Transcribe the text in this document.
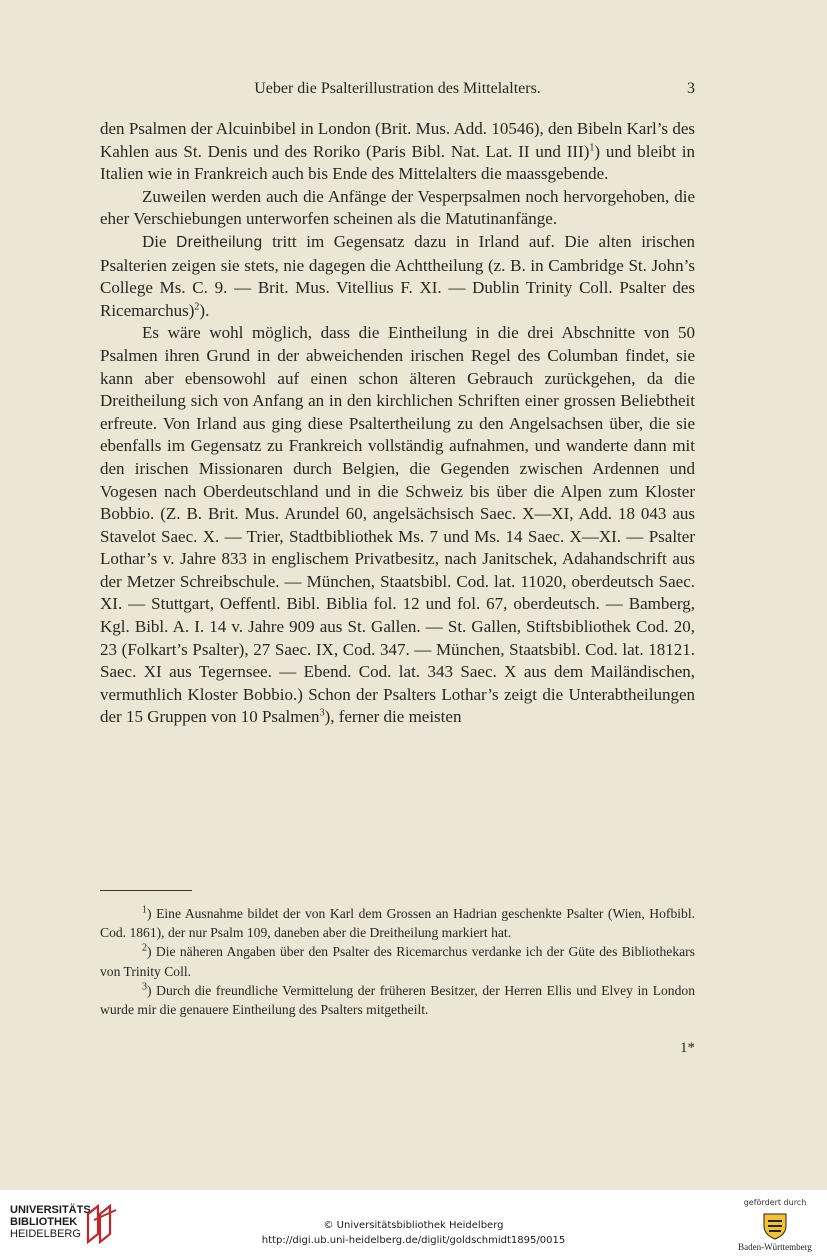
Ueber die Psalterillustration des Mittelalters.	3

den Psalmen der Alcuinbibel in London (Brit. Mus. Add. 10546), den Bibeln Karl’s des Kahlen aus St. Denis und des Roriko (Paris Bibl. Nat. Lat. II und III)$^1$) und bleibt in Italien wie in Frankreich auch bis Ende des Mittelalters die maassgebende.

Zuweilen werden auch die Anfänge der Vesperpsalmen noch hervorgehoben, die eher Verschiebungen unterworfen scheinen als die Matutinanfänge.

Die Dreitheilung tritt im Gegensatz dazu in Irland auf. Die alten irischen Psalterien zeigen sie stets, nie dagegen die Achttheilung (z. B. in Cambridge St. John’s College Ms. C. 9. — Brit. Mus. Vitellius F. XI. — Dublin Trinity Coll. Psalter des Ricemarchus)$^2$).

Es wäre wohl möglich, dass die Eintheilung in die drei Abschnitte von 50 Psalmen ihren Grund in der abweichenden irischen Regel des Columban findet, sie kann aber ebensowohl auf einen schon älteren Gebrauch zurückgehen, da die Dreitheilung sich von Anfang an in den kirchlichen Schriften einer grossen Beliebtheit erfreute. Von Irland aus ging diese Psaltertheilung zu den Angelsachsen über, die sie ebenfalls im Gegensatz zu Frankreich vollständig aufnahmen, und wanderte dann mit den irischen Missionaren durch Belgien, die Gegenden zwischen Ardennen und Vogesen nach Oberdeutschland und in die Schweiz bis über die Alpen zum Kloster Bobbio. (Z. B. Brit. Mus. Arundel 60, angelsächsisch Saec. X—XI, Add. 18 043 aus Stavelot Saec. X. — Trier, Stadtbibliothek Ms. 7 und Ms. 14 Saec. X—XI. — Psalter Lothar’s v. Jahre 833 in englischem Privatbesitz, nach Janitschek, Adahandschrift aus der Metzer Schreibschule. — München, Staatsbibl. Cod. lat. 11020, oberdeutsch Saec. XI. — Stuttgart, Oeffentl. Bibl. Biblia fol. 12 und fol. 67, oberdeutsch. — Bamberg, Kgl. Bibl. A. I. 14 v. Jahre 909 aus St. Gallen. — St. Gallen, Stiftsbibliothek Cod. 20, 23 (Folkart’s Psalter), 27 Saec. IX, Cod. 347. — München, Staatsbibl. Cod. lat. 18121. Saec. XI aus Tegernsee. — Ebend. Cod. lat. 343 Saec. X aus dem Mailändischen, vermuthlich Kloster Bobbio.) Schon der Psalters Lothar’s zeigt die Unterabtheilungen der 15 Gruppen von 10 Psalmen$^3$), ferner die meisten

$^1$) Eine Ausnahme bildet der von Karl dem Grossen an Hadrian geschenkte Psalter (Wien, Hofbibl. Cod. 1861), der nur Psalm 109, daneben aber die Dreitheilung markiert hat.

$^2$) Die näheren Angaben über den Psalter des Ricemarchus verdanke ich der Güte des Bibliothekars von Trinity Coll.

$^3$) Durch die freundliche Vermittelung der früheren Besitzer, der Herren Ellis und Elvey in London wurde mir die genauere Eintheilung des Psalters mitgetheilt.

1*
UNIVERSITÄTS-
BIBLIOTHEK
HEIDELBERG
© Universitätsbibliothek Heidelberg
http://digi.ub.uni-heidelberg.de/diglit/goldschmidt1895/0015
gefördert durch
Baden-Württemberg
